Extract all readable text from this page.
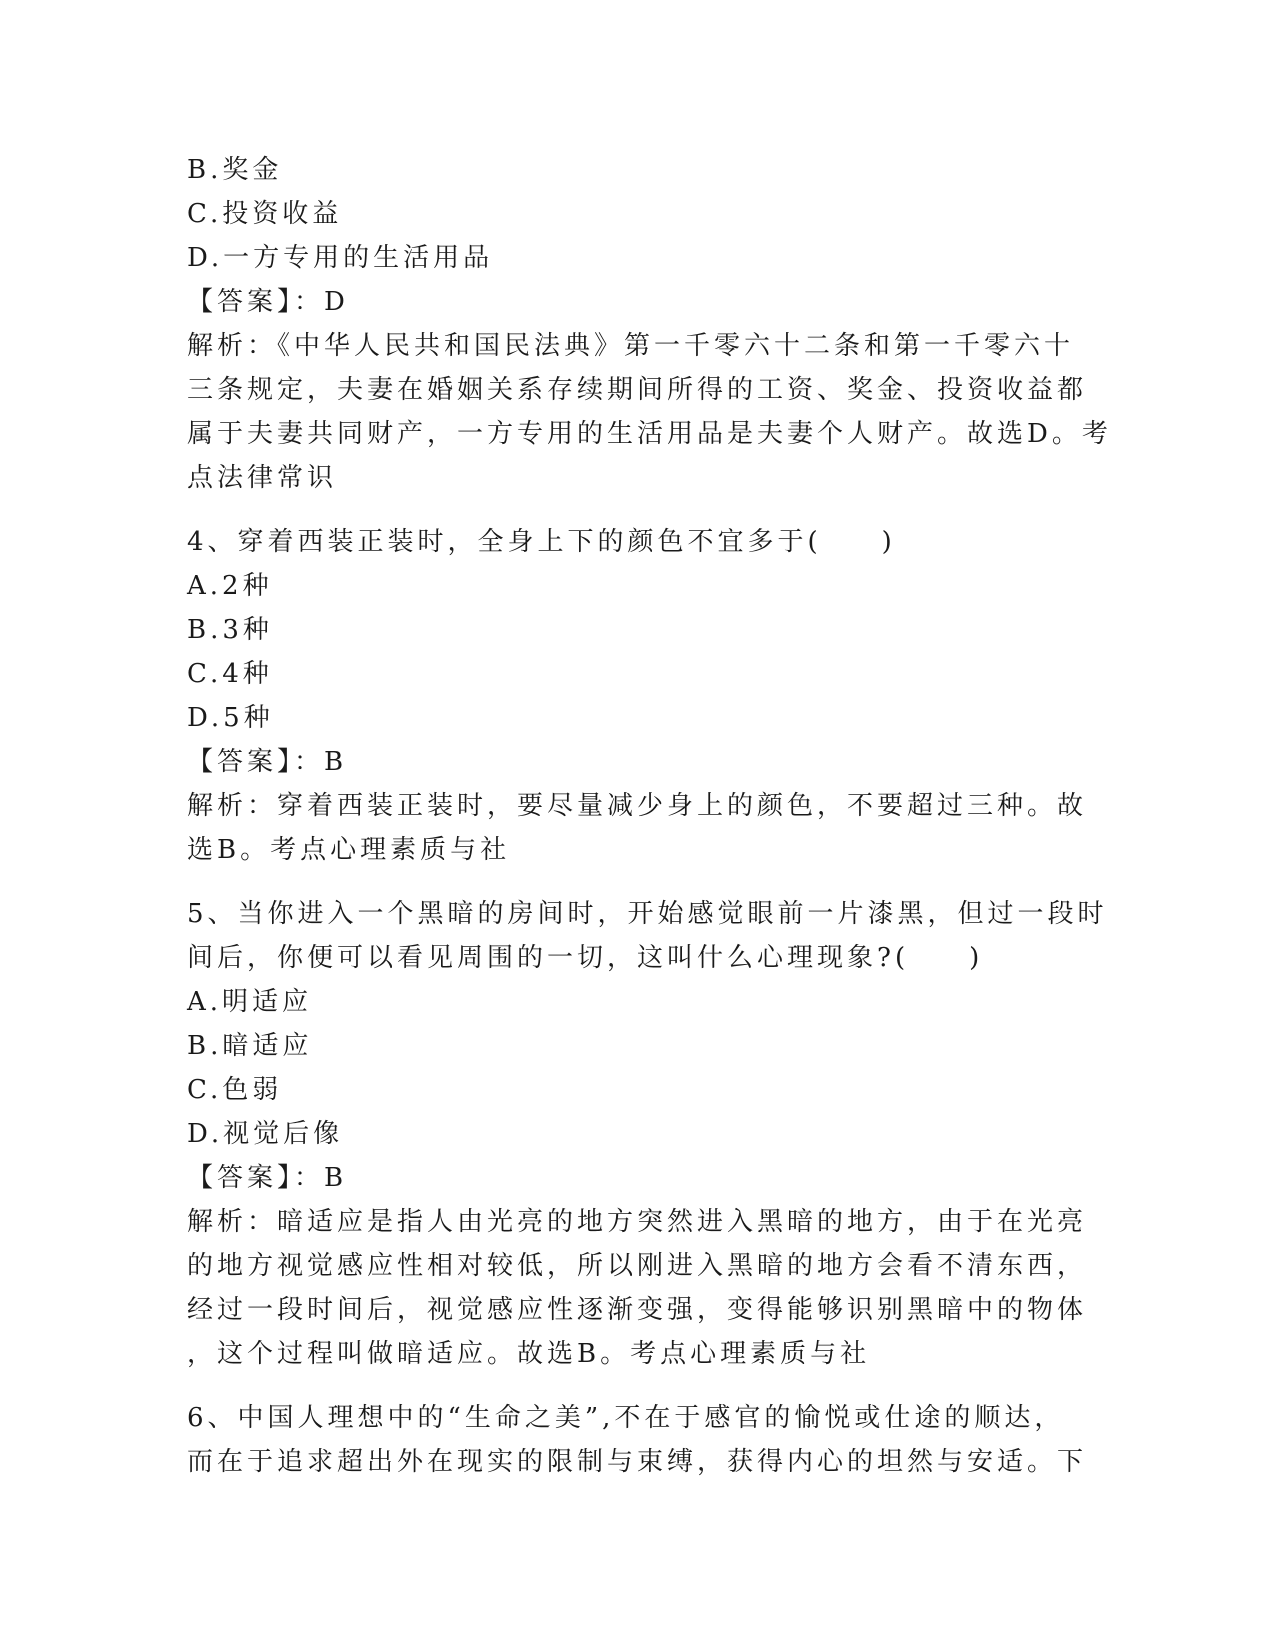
B.奖金
C.投资收益
D.一方专用的生活用品
【答案】：D
解析：《中华人民共和国民法典》第一千零六十二条和第一千零六十
三条规定，夫妻在婚姻关系存续期间所得的工资、奖金、投资收益都
属于夫妻共同财产，一方专用的生活用品是夫妻个人财产。故选D。考
点法律常识
4、穿着西装正装时，全身上下的颜色不宜多于(　　)
A.2种
B.3种
C.4种
D.5种
【答案】：B
解析：穿着西装正装时，要尽量减少身上的颜色，不要超过三种。故
选B。考点心理素质与社
5、当你进入一个黑暗的房间时，开始感觉眼前一片漆黑，但过一段时
间后，你便可以看见周围的一切，这叫什么心理现象?(　　)
A.明适应
B.暗适应
C.色弱
D.视觉后像
【答案】：B
解析：暗适应是指人由光亮的地方突然进入黑暗的地方，由于在光亮
的地方视觉感应性相对较低，所以刚进入黑暗的地方会看不清东西，
经过一段时间后，视觉感应性逐渐变强，变得能够识别黑暗中的物体
，这个过程叫做暗适应。故选B。考点心理素质与社
6、中国人理想中的“生命之美”,不在于感官的愉悦或仕途的顺达，
而在于追求超出外在现实的限制与束缚，获得内心的坦然与安适。下
